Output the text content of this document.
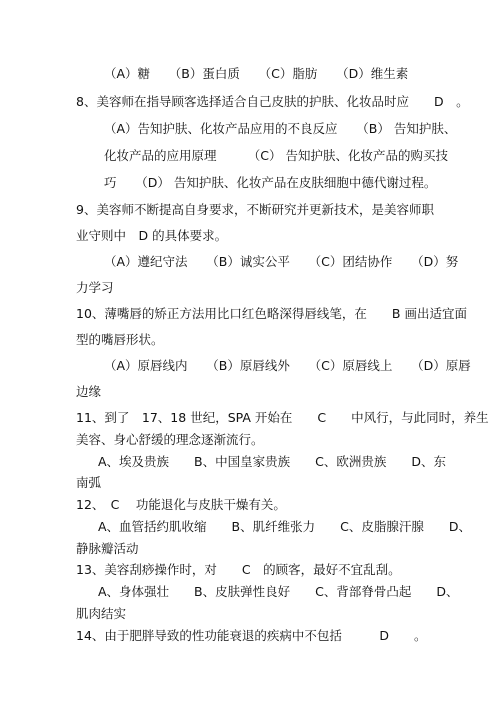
（A）糖　　（B）蛋白质　　（C）脂肪　　（D）维生素
8、美容师在指导顾客选择适合自己皮肤的护肤、化妆品时应　　D　。
（A）告知护肤、化妆产品应用的不良反应　　（B） 告知护肤、
化妆产品的应用原理　　　（C） 告知护肤、化妆产品的购买技
巧　　（D） 告知护肤、化妆产品在皮肤细胞中德代谢过程。
9、美容师不断提高自身要求，不断研究并更新技术，是美容师职
业守则中　D 的具体要求。
（A）遵纪守法　　（B）诚实公平　　（C）团结协作　　（D）努
力学习
10、薄嘴唇的矫正方法用比口红色略深得唇线笔，在　　B 画出适宜面
型的嘴唇形状。
（A）原唇线内　　（B）原唇线外　　（C）原唇线上　　（D）原唇
边缘
11、到了　17、18 世纪，SPA 开始在　　C　　中风行，与此同时，养生
美容、身心舒缓的理念逐渐流行。
A、埃及贵族　　B、中国皇家贵族　　C、欧洲贵族　　D、东
南弧
12、　C　 功能退化与皮肤干燥有关。
A、血管括约肌收缩　　B、肌纤维张力　　C、皮脂腺汗腺　　D、
静脉瓣活动
13、美容刮痧操作时，对　　C　的顾客，最好不宜乱刮。
A、身体强壮　　B、皮肤弹性良好　　C、背部脊骨凸起　　D、
肌肉结实
14、由于肥胖导致的性功能衰退的疾病中不包括　　　D　　。
